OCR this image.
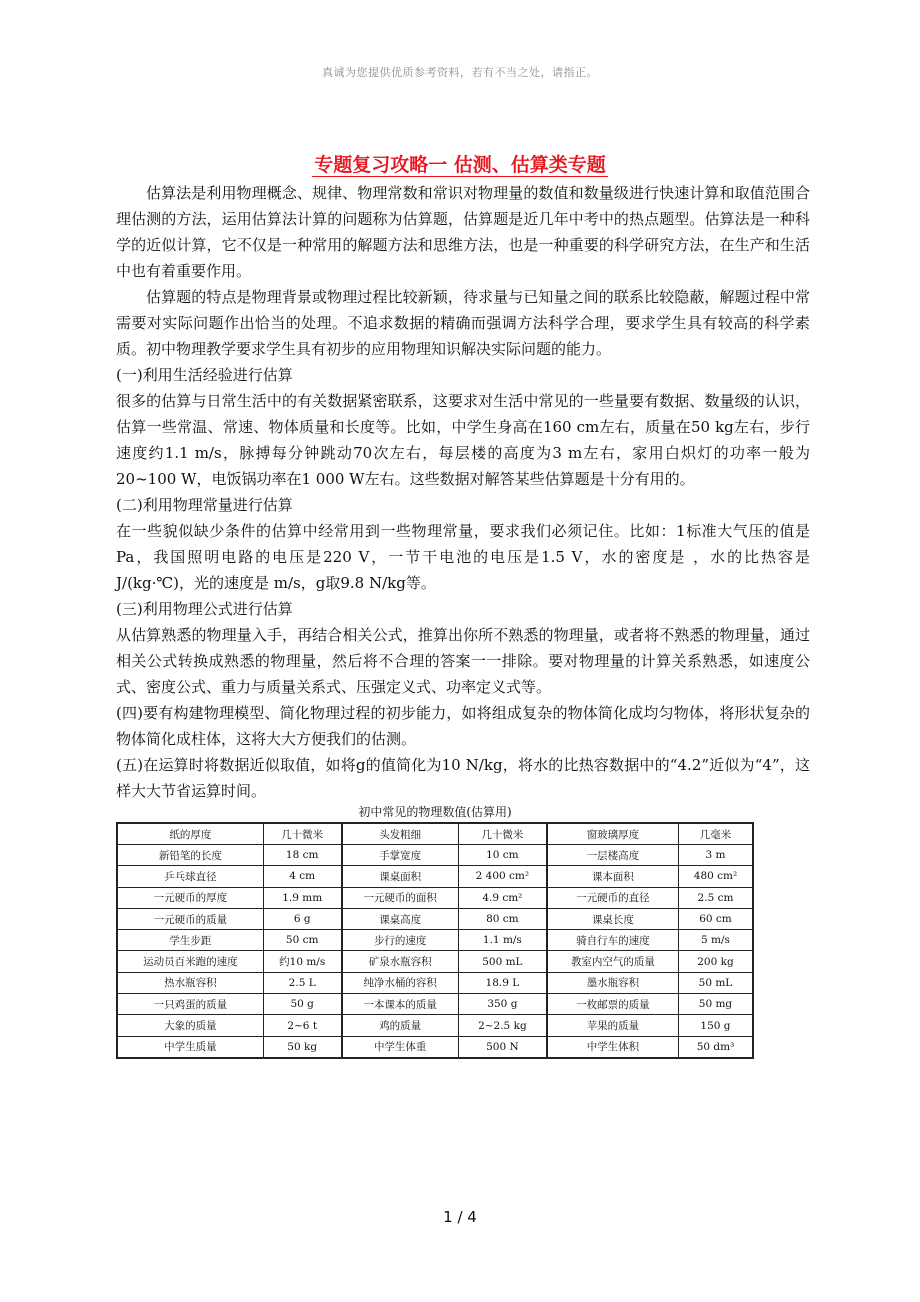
真诚为您提供优质参考资料，若有不当之处，请指正。
专题复习攻略一 估测、估算类专题

估算法是利用物理概念、规律、物理常数和常识对物理量的数值和数量级进行快速计算和取值范围合理估测的方法，运用估算法计算的问题称为估算题，估算题是近几年中考中的热点题型。估算法是一种科学的近似计算，它不仅是一种常用的解题方法和思维方法，也是一种重要的科学研究方法，在生产和生活中也有着重要作用。

估算题的特点是物理背景或物理过程比较新颖，待求量与已知量之间的联系比较隐蔽，解题过程中常需要对实际问题作出恰当的处理。不追求数据的精确而强调方法科学合理，要求学生具有较高的科学素质。初中物理教学要求学生具有初步的应用物理知识解决实际问题的能力。

(一)利用生活经验进行估算

很多的估算与日常生活中的有关数据紧密联系，这要求对生活中常见的一些量要有数据、数量级的认识，估算一些常温、常速、物体质量和长度等。比如，中学生身高在160 cm左右，质量在50 kg左右，步行速度约1.1 m/s，脉搏每分钟跳动70次左右，每层楼的高度为3 m左右，家用白炽灯的功率一般为20~100 W，电饭锅功率在1 000 W左右。这些数据对解答某些估算题是十分有用的。

(二)利用物理常量进行估算

在一些貌似缺少条件的估算中经常用到一些物理常量，要求我们必须记住。比如：1标准大气压的值是 Pa，我国照明电路的电压是220 V，一节干电池的电压是1.5 V，水的密度是 ，水的比热容是 J/(kg·℃)，光的速度是 m/s，g取9.8 N/kg等。

(三)利用物理公式进行估算

从估算熟悉的物理量入手，再结合相关公式，推算出你所不熟悉的物理量，或者将不熟悉的物理量，通过相关公式转换成熟悉的物理量，然后将不合理的答案一一排除。要对物理量的计算关系熟悉，如速度公式、密度公式、重力与质量关系式、压强定义式、功率定义式等。

(四)要有构建物理模型、简化物理过程的初步能力，如将组成复杂的物体简化成均匀物体，将形状复杂的物体简化成柱体，这将大大方便我们的估测。

(五)在运算时将数据近似取值，如将g的值简化为10 N/kg，将水的比热容数据中的“4.2”近似为“4”，这样大大节省运算时间。

初中常见的物理数值(估算用)
纸的厚度	几十微米	头发粗细	几十微米	窗玻璃厚度	几毫米
新铅笔的长度	18 cm	手掌宽度	10 cm	一层楼高度	3 m
乒乓球直径	4 cm	课桌面积	2 400 cm²	课本面积	480 cm²
一元硬币的厚度	1.9 mm	一元硬币的面积	4.9 cm²	一元硬币的直径	2.5 cm
一元硬币的质量	6 g	课桌高度	80 cm	课桌长度	60 cm
学生步距	50 cm	步行的速度	1.1 m/s	骑自行车的速度	5 m/s
运动员百米跑的速度	约10 m/s	矿泉水瓶容积	500 mL	教室内空气的质量	200 kg
热水瓶容积	2.5 L	纯净水桶的容积	18.9 L	墨水瓶容积	50 mL
一只鸡蛋的质量	50 g	一本课本的质量	350 g	一枚邮票的质量	50 mg
大象的质量	2~6 t	鸡的质量	2~2.5 kg	苹果的质量	150 g
中学生质量	50 kg	中学生体重	500 N	中学生体积	50 dm³
1 / 4
